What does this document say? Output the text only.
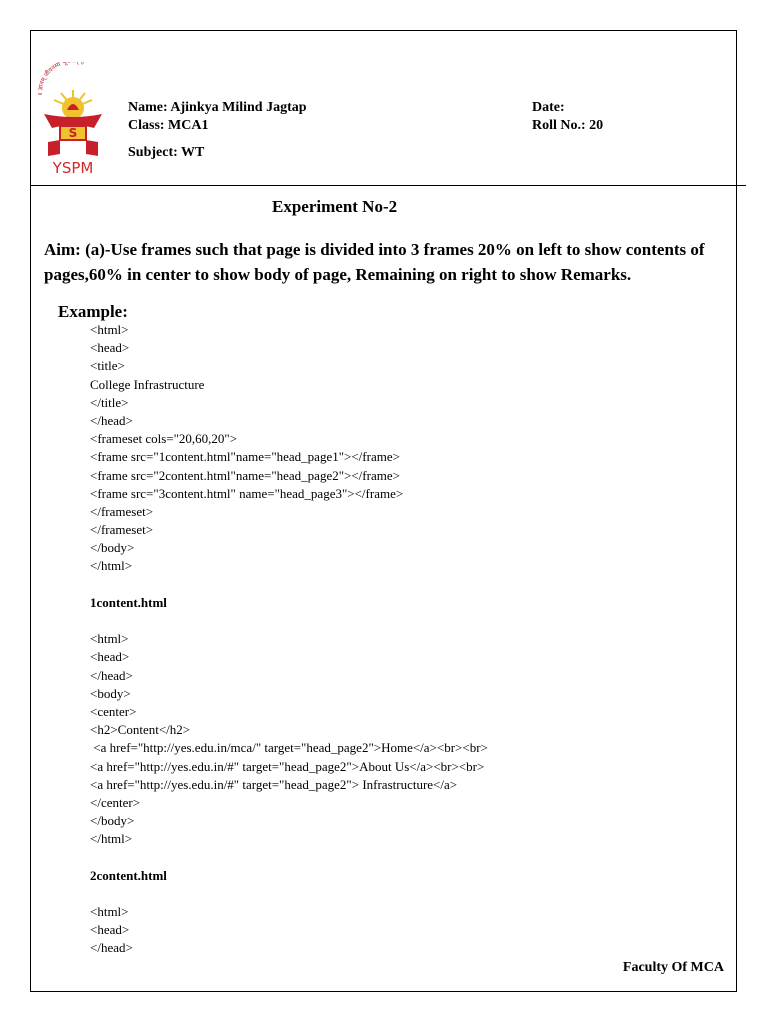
॥ ज्ञानम् जीवनस्य भू ॥
S
YSPM
Name: Ajinkya Milind Jagtap
Class: MCA1
Subject: WT
Date:
Roll No.: 20
Experiment No-2
Aim: (a)-Use frames such that page is divided into 3 frames 20% on left to show contents of pages,60% in center to show body of page, Remaining on right to show Remarks.
Example:
<html>
<head>
<title>
College Infrastructure
</title>
</head>
<frameset cols="20,60,20">
<frame src="1content.html"name="head_page1"></frame>
<frame src="2content.html"name="head_page2"></frame>
<frame src="3content.html" name="head_page3"></frame>
</frameset>
</frameset>
</body>
</html>
1content.html
<html>
<head>
</head>
<body>
<center>
<h2>Content</h2>
<a href="http://yes.edu.in/mca/" target="head_page2">Home</a><br><br>
<a href="http://yes.edu.in/#" target="head_page2">About Us</a><br><br>
<a href="http://yes.edu.in/#" target="head_page2"> Infrastructure</a>
</center>
</body>
</html>
2content.html
<html>
<head>
</head>
Faculty Of MCA
